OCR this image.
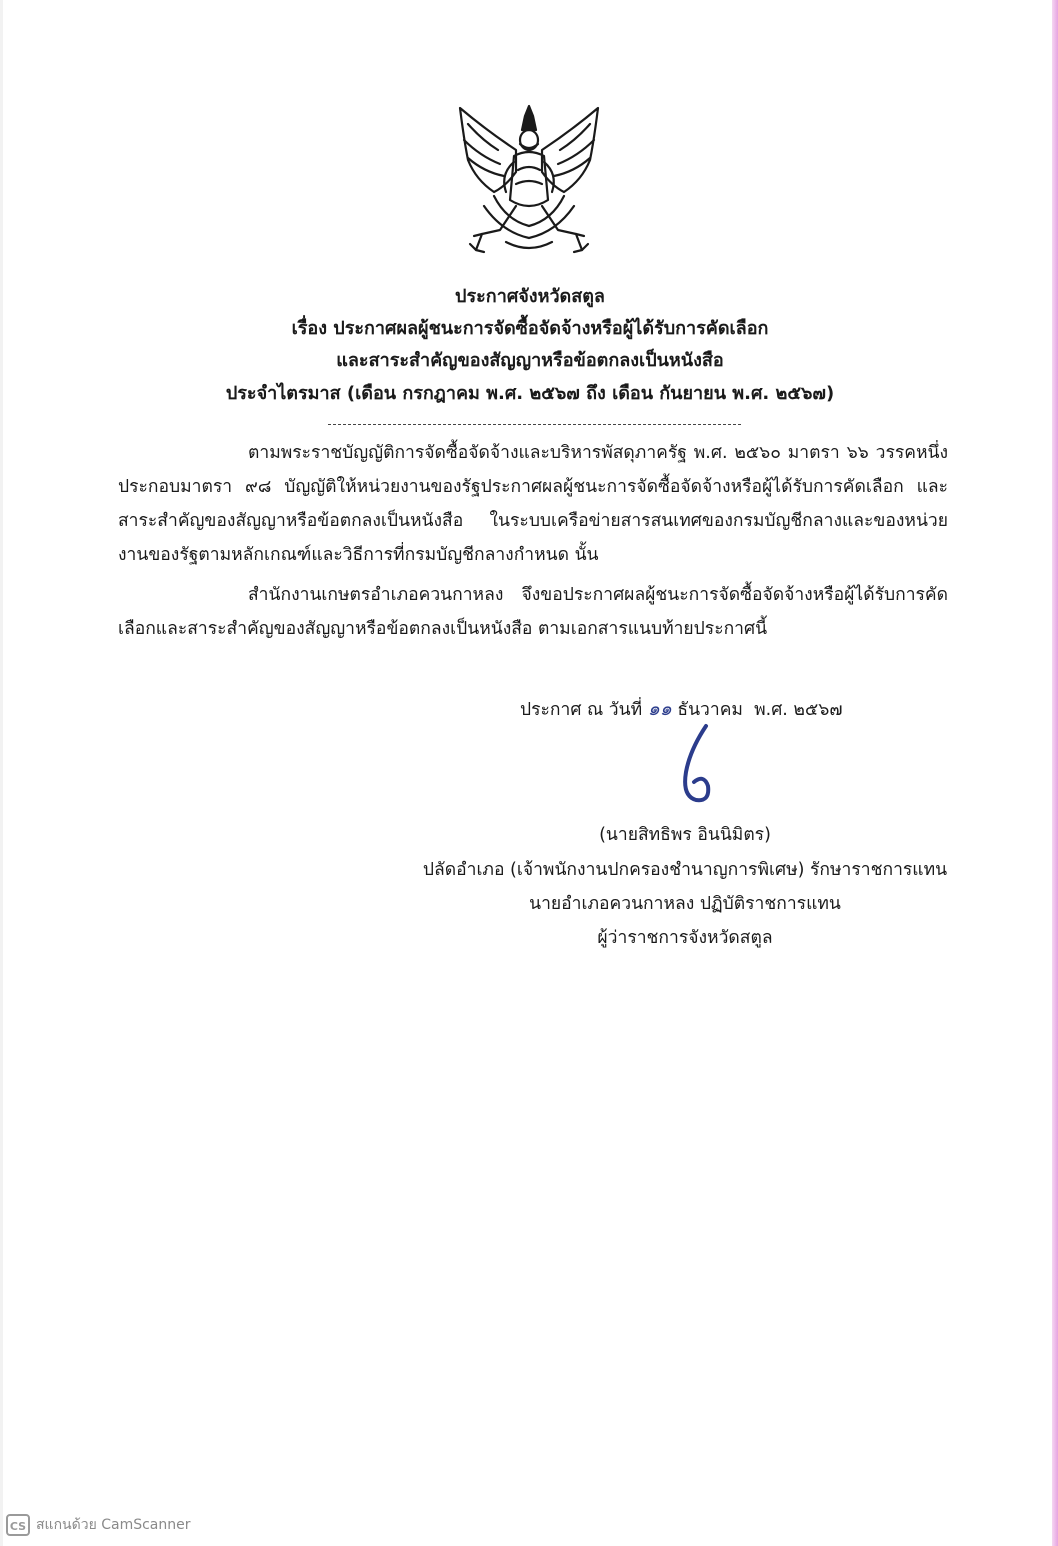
ประกาศจังหวัดสตูล
เรื่อง ประกาศผลผู้ชนะการจัดซื้อจัดจ้างหรือผู้ได้รับการคัดเลือก
และสาระสำคัญของสัญญาหรือข้อตกลงเป็นหนังสือ
ประจำไตรมาส (เดือน กรกฎาคม พ.ศ. ๒๕๖๗ ถึง เดือน กันยายน พ.ศ. ๒๕๖๗)
ตามพระราชบัญญัติการจัดซื้อจัดจ้างและบริหารพัสดุภาครัฐ พ.ศ. ๒๕๖๐ มาตรา ๖๖ วรรคหนึ่ง ประกอบมาตรา ๙๘ บัญญัติให้หน่วยงานของรัฐประกาศผลผู้ชนะการจัดซื้อจัดจ้างหรือผู้ได้รับการคัดเลือก และสาระสำคัญของสัญญาหรือข้อตกลงเป็นหนังสือ ในระบบเครือข่ายสารสนเทศของกรมบัญชีกลางและของหน่วยงานของรัฐตามหลักเกณฑ์และวิธีการที่กรมบัญชีกลางกำหนด นั้น
สำนักงานเกษตรอำเภอควนกาหลง จึงขอประกาศผลผู้ชนะการจัดซื้อจัดจ้างหรือผู้ได้รับการคัดเลือกและสาระสำคัญของสัญญาหรือข้อตกลงเป็นหนังสือ ตามเอกสารแนบท้ายประกาศนี้
ประกาศ ณ วันที่ ๑๑ ธันวาคม พ.ศ. ๒๕๖๗
(นายสิทธิพร อินนิมิตร)
ปลัดอำเภอ (เจ้าพนักงานปกครองชำนาญการพิเศษ) รักษาราชการแทน
นายอำเภอควนกาหลง ปฏิบัติราชการแทน
ผู้ว่าราชการจังหวัดสตูล
CS สแกนด้วย CamScanner
